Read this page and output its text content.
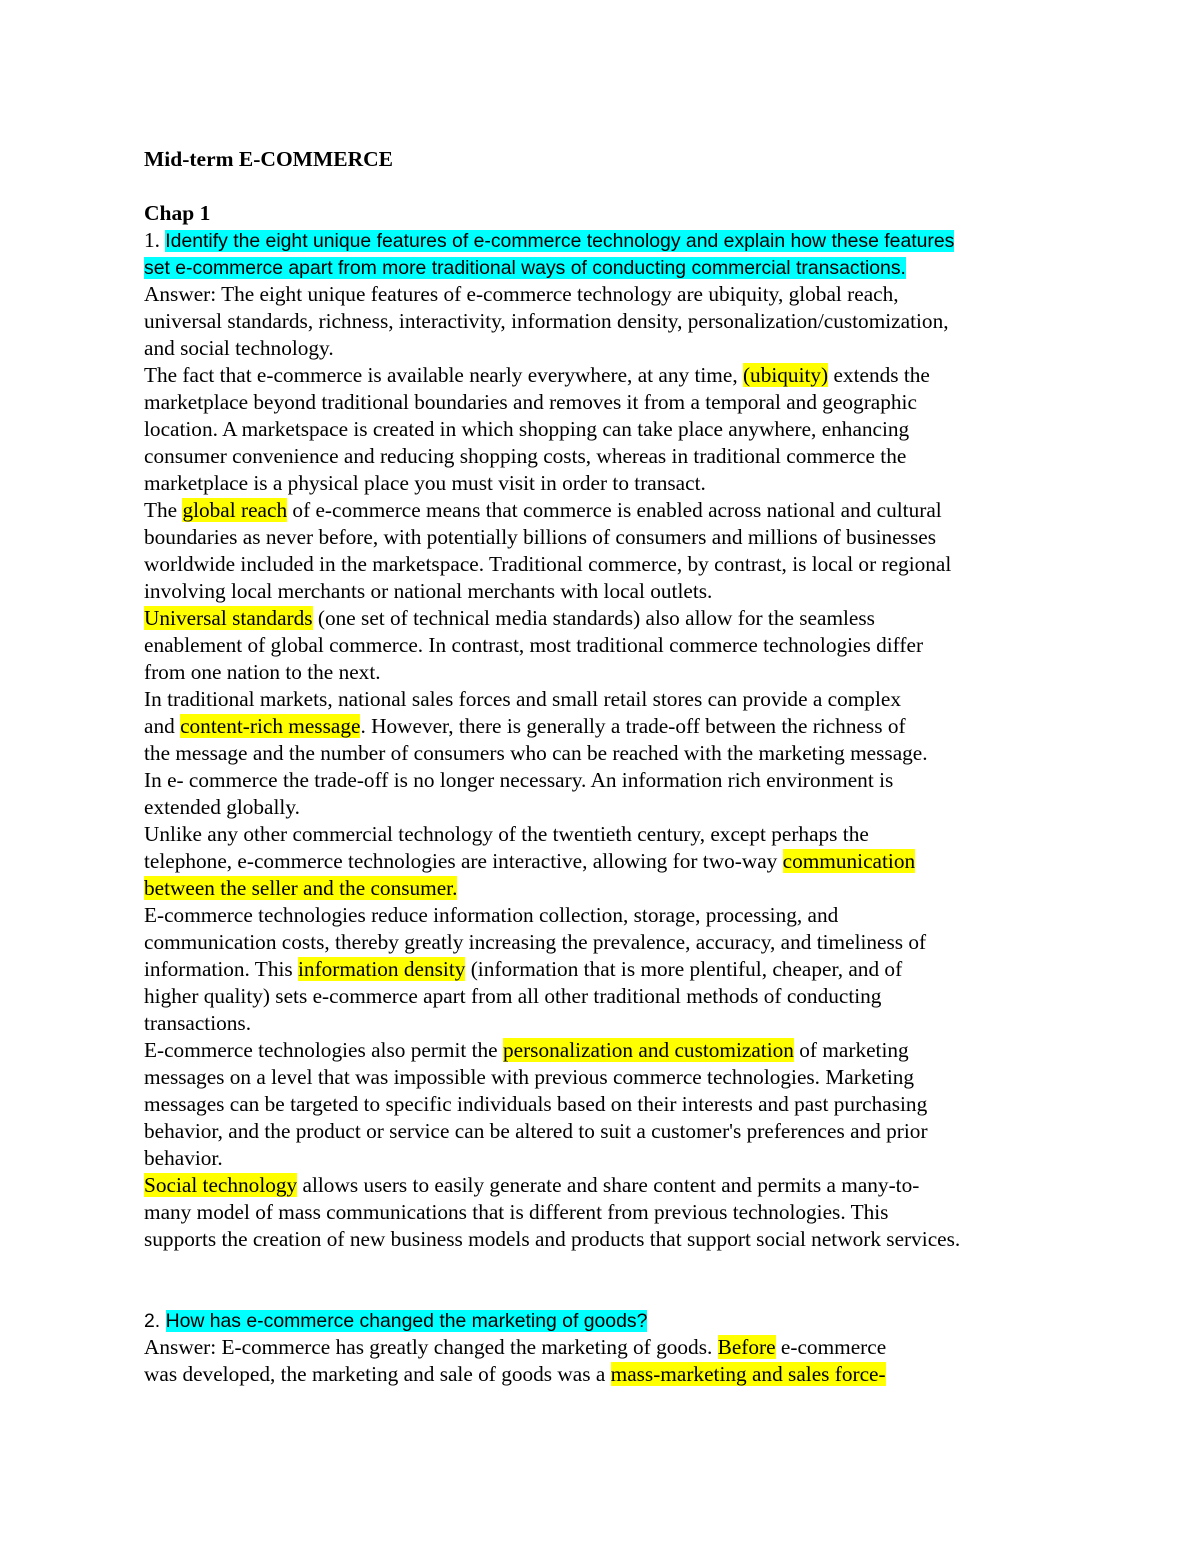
Mid-term E-COMMERCE
Chap 1
1. Identify the eight unique features of e-commerce technology and explain how these features
set e-commerce apart from more traditional ways of conducting commercial transactions.
Answer: The eight unique features of e-commerce technology are ubiquity, global reach,
universal standards, richness, interactivity, information density, personalization/customization,
and social technology.
The fact that e-commerce is available nearly everywhere, at any time, (ubiquity) extends the
marketplace beyond traditional boundaries and removes it from a temporal and geographic
location. A marketspace is created in which shopping can take place anywhere, enhancing
consumer convenience and reducing shopping costs, whereas in traditional commerce the
marketplace is a physical place you must visit in order to transact.
The global reach of e-commerce means that commerce is enabled across national and cultural
boundaries as never before, with potentially billions of consumers and millions of businesses
worldwide included in the marketspace. Traditional commerce, by contrast, is local or regional
involving local merchants or national merchants with local outlets.
Universal standards (one set of technical media standards) also allow for the seamless
enablement of global commerce. In contrast, most traditional commerce technologies differ
from one nation to the next.
In traditional markets, national sales forces and small retail stores can provide a complex
and content-rich message. However, there is generally a trade-off between the richness of
the message and the number of consumers who can be reached with the marketing message.
In e- commerce the trade-off is no longer necessary. An information rich environment is
extended globally.
Unlike any other commercial technology of the twentieth century, except perhaps the
telephone, e-commerce technologies are interactive, allowing for two-way communication
between the seller and the consumer.
E-commerce technologies reduce information collection, storage, processing, and
communication costs, thereby greatly increasing the prevalence, accuracy, and timeliness of
information. This information density (information that is more plentiful, cheaper, and of
higher quality) sets e-commerce apart from all other traditional methods of conducting
transactions.
E-commerce technologies also permit the personalization and customization of marketing
messages on a level that was impossible with previous commerce technologies. Marketing
messages can be targeted to specific individuals based on their interests and past purchasing
behavior, and the product or service can be altered to suit a customer's preferences and prior
behavior.
Social technology allows users to easily generate and share content and permits a many-to-
many model of mass communications that is different from previous technologies. This
supports the creation of new business models and products that support social network services.
2. How has e-commerce changed the marketing of goods?
Answer: E-commerce has greatly changed the marketing of goods. Before e-commerce
was developed, the marketing and sale of goods was a mass-marketing and sales force-
